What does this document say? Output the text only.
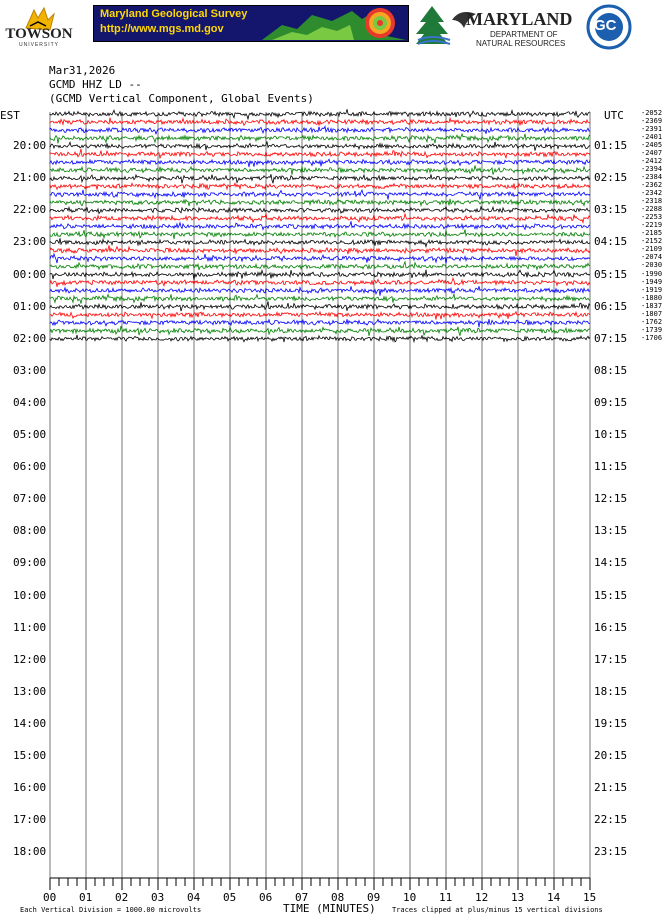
TOWSON
UNIVERSITY
Maryland Geological Survey
http://www.mgs.md.gov	MARYLAND
DEPARTMENT OF
NATURAL RESOURCES
GC
Mar31,2026
GCMD HHZ LD --
(GCMD Vertical Component, Global Events)
EST	UTC
20:00
21:00
22:00
23:00
00:00
01:00
02:00
03:00
04:00
05:00
06:00
07:00
08:00
09:00
10:00
11:00
12:00
13:00
14:00
15:00
16:00
17:00
18:00
01:15
02:15
03:15
04:15
05:15
06:15
07:15
08:15
09:15
10:15
11:15
12:15
13:15
14:15
15:15
16:15
17:15
18:15
19:15
20:15
21:15
22:15
23:15
-2052
-2369
-2391
-2401
-2405
-2407
-2412
-2394
-2384
-2362
-2342
-2318
-2288
-2253
-2219
-2185
-2152
-2109
-2074
-2030
-1990
-1949
-1919
-1880
-1837
-1807
-1762
-1739
-1706
00 01 02 03 04 05 06 07 08 09 10 11 12 13 14 15
TIME (MINUTES)
Each Vertical Division = 1000.00 microvolts	Traces clipped at plus/minus 15 vertical divisions
